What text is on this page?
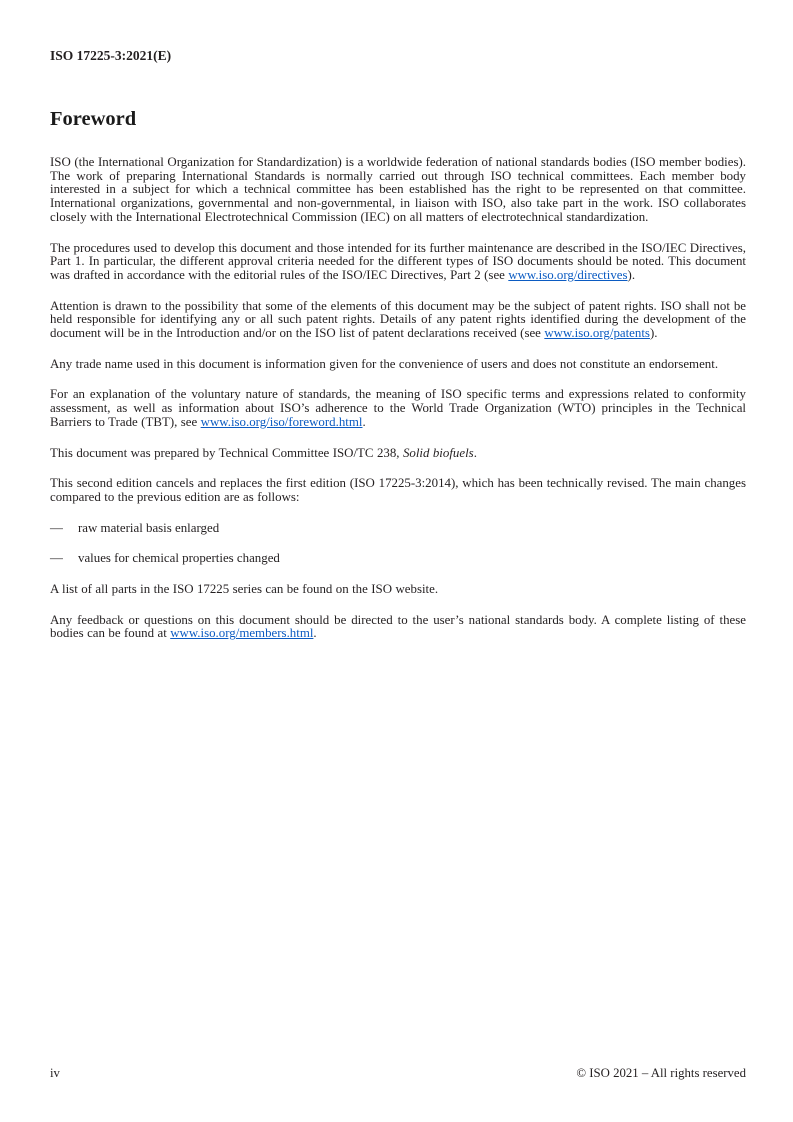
ISO 17225-3:2021(E)
Foreword

ISO (the International Organization for Standardization) is a worldwide federation of national standards bodies (ISO member bodies). The work of preparing International Standards is normally carried out through ISO technical committees. Each member body interested in a subject for which a technical committee has been established has the right to be represented on that committee. International organizations, governmental and non-governmental, in liaison with ISO, also take part in the work. ISO collaborates closely with the International Electrotechnical Commission (IEC) on all matters of electrotechnical standardization.

The procedures used to develop this document and those intended for its further maintenance are described in the ISO/IEC Directives, Part 1. In particular, the different approval criteria needed for the different types of ISO documents should be noted. This document was drafted in accordance with the editorial rules of the ISO/IEC Directives, Part 2 (see www.iso.org/directives).

Attention is drawn to the possibility that some of the elements of this document may be the subject of patent rights. ISO shall not be held responsible for identifying any or all such patent rights. Details of any patent rights identified during the development of the document will be in the Introduction and/or on the ISO list of patent declarations received (see www.iso.org/patents).

Any trade name used in this document is information given for the convenience of users and does not constitute an endorsement.

For an explanation of the voluntary nature of standards, the meaning of ISO specific terms and expressions related to conformity assessment, as well as information about ISO’s adherence to the World Trade Organization (WTO) principles in the Technical Barriers to Trade (TBT), see www.iso.org/iso/foreword.html.

This document was prepared by Technical Committee ISO/TC 238, Solid biofuels.

This second edition cancels and replaces the first edition (ISO 17225-3:2014), which has been technically revised. The main changes compared to the previous edition are as follows:

— raw material basis enlarged
— values for chemical properties changed

A list of all parts in the ISO 17225 series can be found on the ISO website.

Any feedback or questions on this document should be directed to the user’s national standards body. A complete listing of these bodies can be found at www.iso.org/members.html.

iv	© ISO 2021 – All rights reserved
